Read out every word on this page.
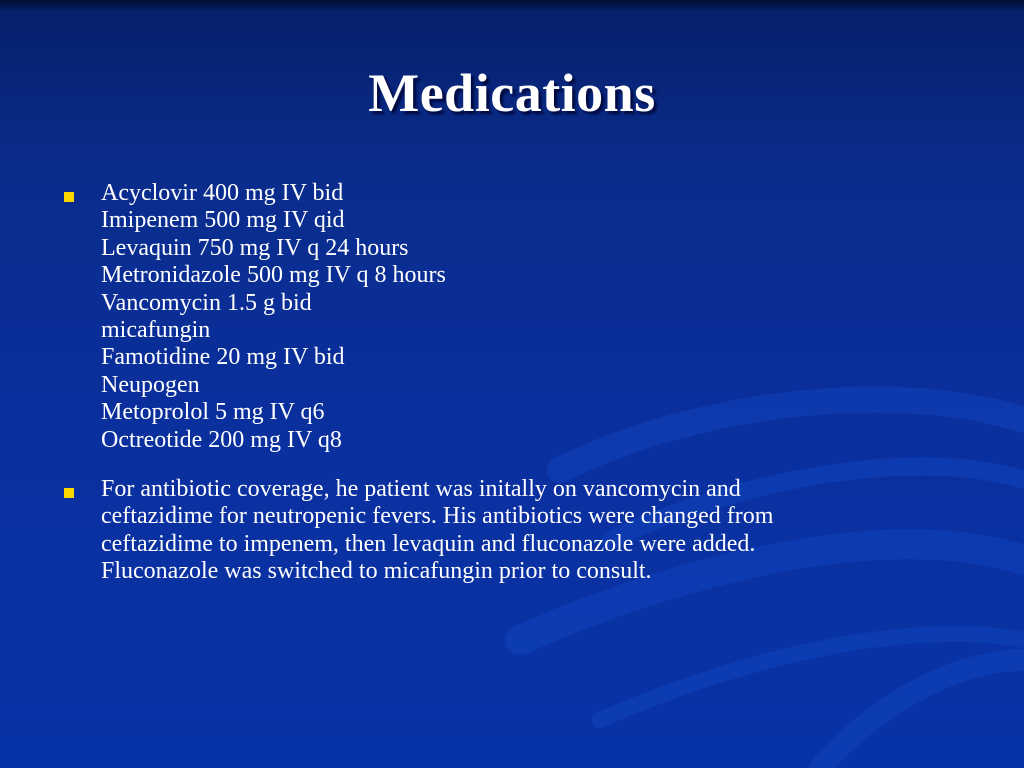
Medications
Acyclovir 400 mg IV bid
Imipenem 500 mg IV qid
Levaquin 750 mg IV q 24 hours
Metronidazole 500 mg IV q 8 hours
Vancomycin 1.5 g bid
micafungin
Famotidine 20 mg IV bid
Neupogen
Metoprolol 5 mg IV q6
Octreotide 200 mg IV q8
For antibiotic coverage, he patient was initally on vancomycin and
ceftazidime for neutropenic fevers. His antibiotics were changed from
ceftazidime to impenem, then levaquin and fluconazole were added.
Fluconazole was switched to micafungin prior to consult.
